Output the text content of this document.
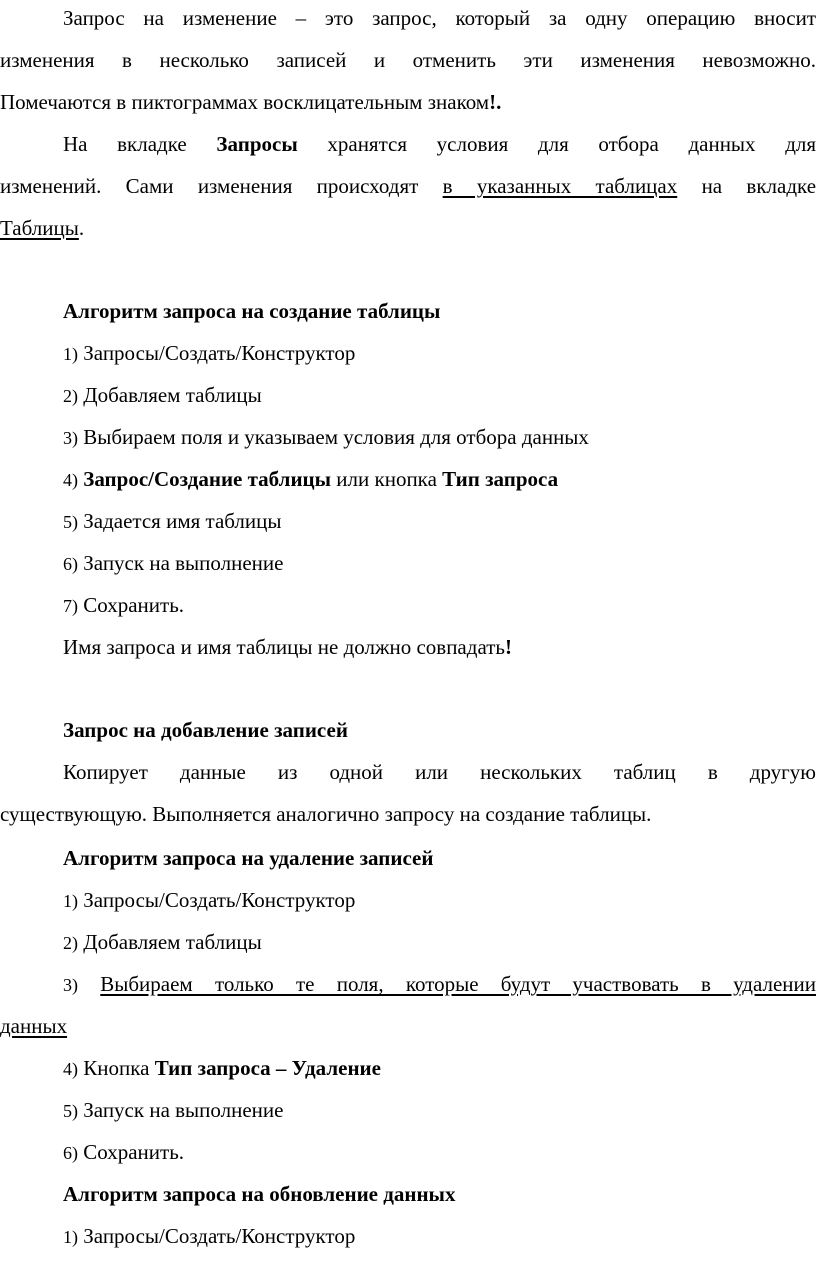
Запрос на изменение – это запрос, который за одну операцию вносит
изменения в несколько записей и отменить эти изменения невозможно.
Помечаются в пиктограммах восклицательным знаком!.
На вкладке Запросы хранятся условия для отбора данных для
изменений. Сами изменения происходят в указанных таблицах на вкладке
Таблицы.
Алгоритм запроса на создание таблицы
1) Запросы/Создать/Конструктор
2) Добавляем таблицы
3) Выбираем поля и указываем условия для отбора данных
4) Запрос/Создание таблицы или кнопка Тип запроса
5) Задается имя таблицы
6) Запуск на выполнение
7) Сохранить.
Имя запроса и имя таблицы не должно совпадать!
Запрос на добавление записей
Копирует данные из одной или нескольких таблиц в другую
существующую. Выполняется аналогично запросу на создание таблицы.
Алгоритм запроса на удаление записей
1) Запросы/Создать/Конструктор
2) Добавляем таблицы
3) Выбираем только те поля, которые будут участвовать в удалении
данных
4) Кнопка Тип запроса – Удаление
5) Запуск на выполнение
6) Сохранить.
Алгоритм запроса на обновление данных
1) Запросы/Создать/Конструктор
